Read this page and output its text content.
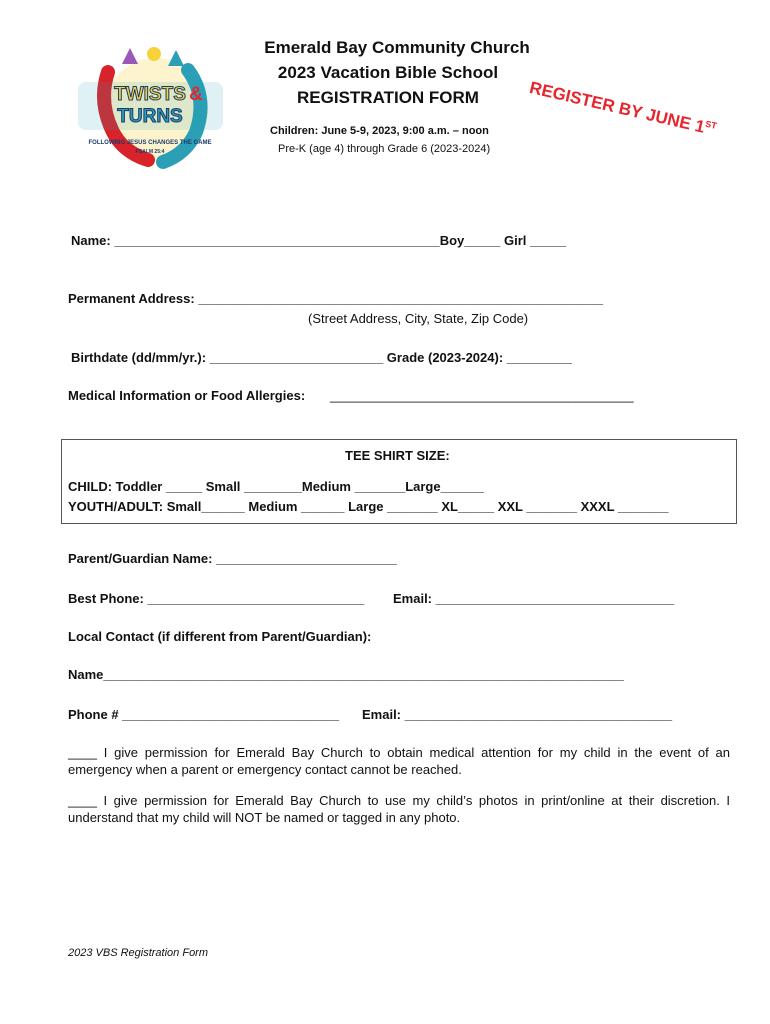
TWISTS
TURNS
&
FOLLOWING JESUS CHANGES THE GAME
PSALM 25:4
Emerald Bay Community Church
2023 Vacation Bible School
REGISTRATION FORM
Children: June 5-9, 2023, 9:00 a.m. – noon
Pre-K (age 4) through Grade 6 (2023-2024)
REGISTER BY JUNE 1ST
Name: _____________________________________________Boy_____ Girl _____
Permanent Address: ________________________________________________________
(Street Address, City, State, Zip Code)
Birthdate (dd/mm/yr.): ________________________ Grade (2023-2024): _________
Medical Information or Food Allergies: __________________________________________
TEE SHIRT SIZE:
CHILD: Toddler _____ Small ________Medium _______Large______
YOUTH/ADULT: Small______ Medium ______ Large _______ XL_____ XXL _______ XXXL _______
Parent/Guardian Name: _________________________
Best Phone: ______________________________ Email: _________________________________
Local Contact (if different from Parent/Guardian):
Name________________________________________________________________________
Phone # ______________________________ Email: _____________________________________
____ I give permission for Emerald Bay Church to obtain medical attention for my child in the event of an emergency when a parent or emergency contact cannot be reached.
____ I give permission for Emerald Bay Church to use my child’s photos in print/online at their discretion. I understand that my child will NOT be named or tagged in any photo.
2023 VBS Registration Form
